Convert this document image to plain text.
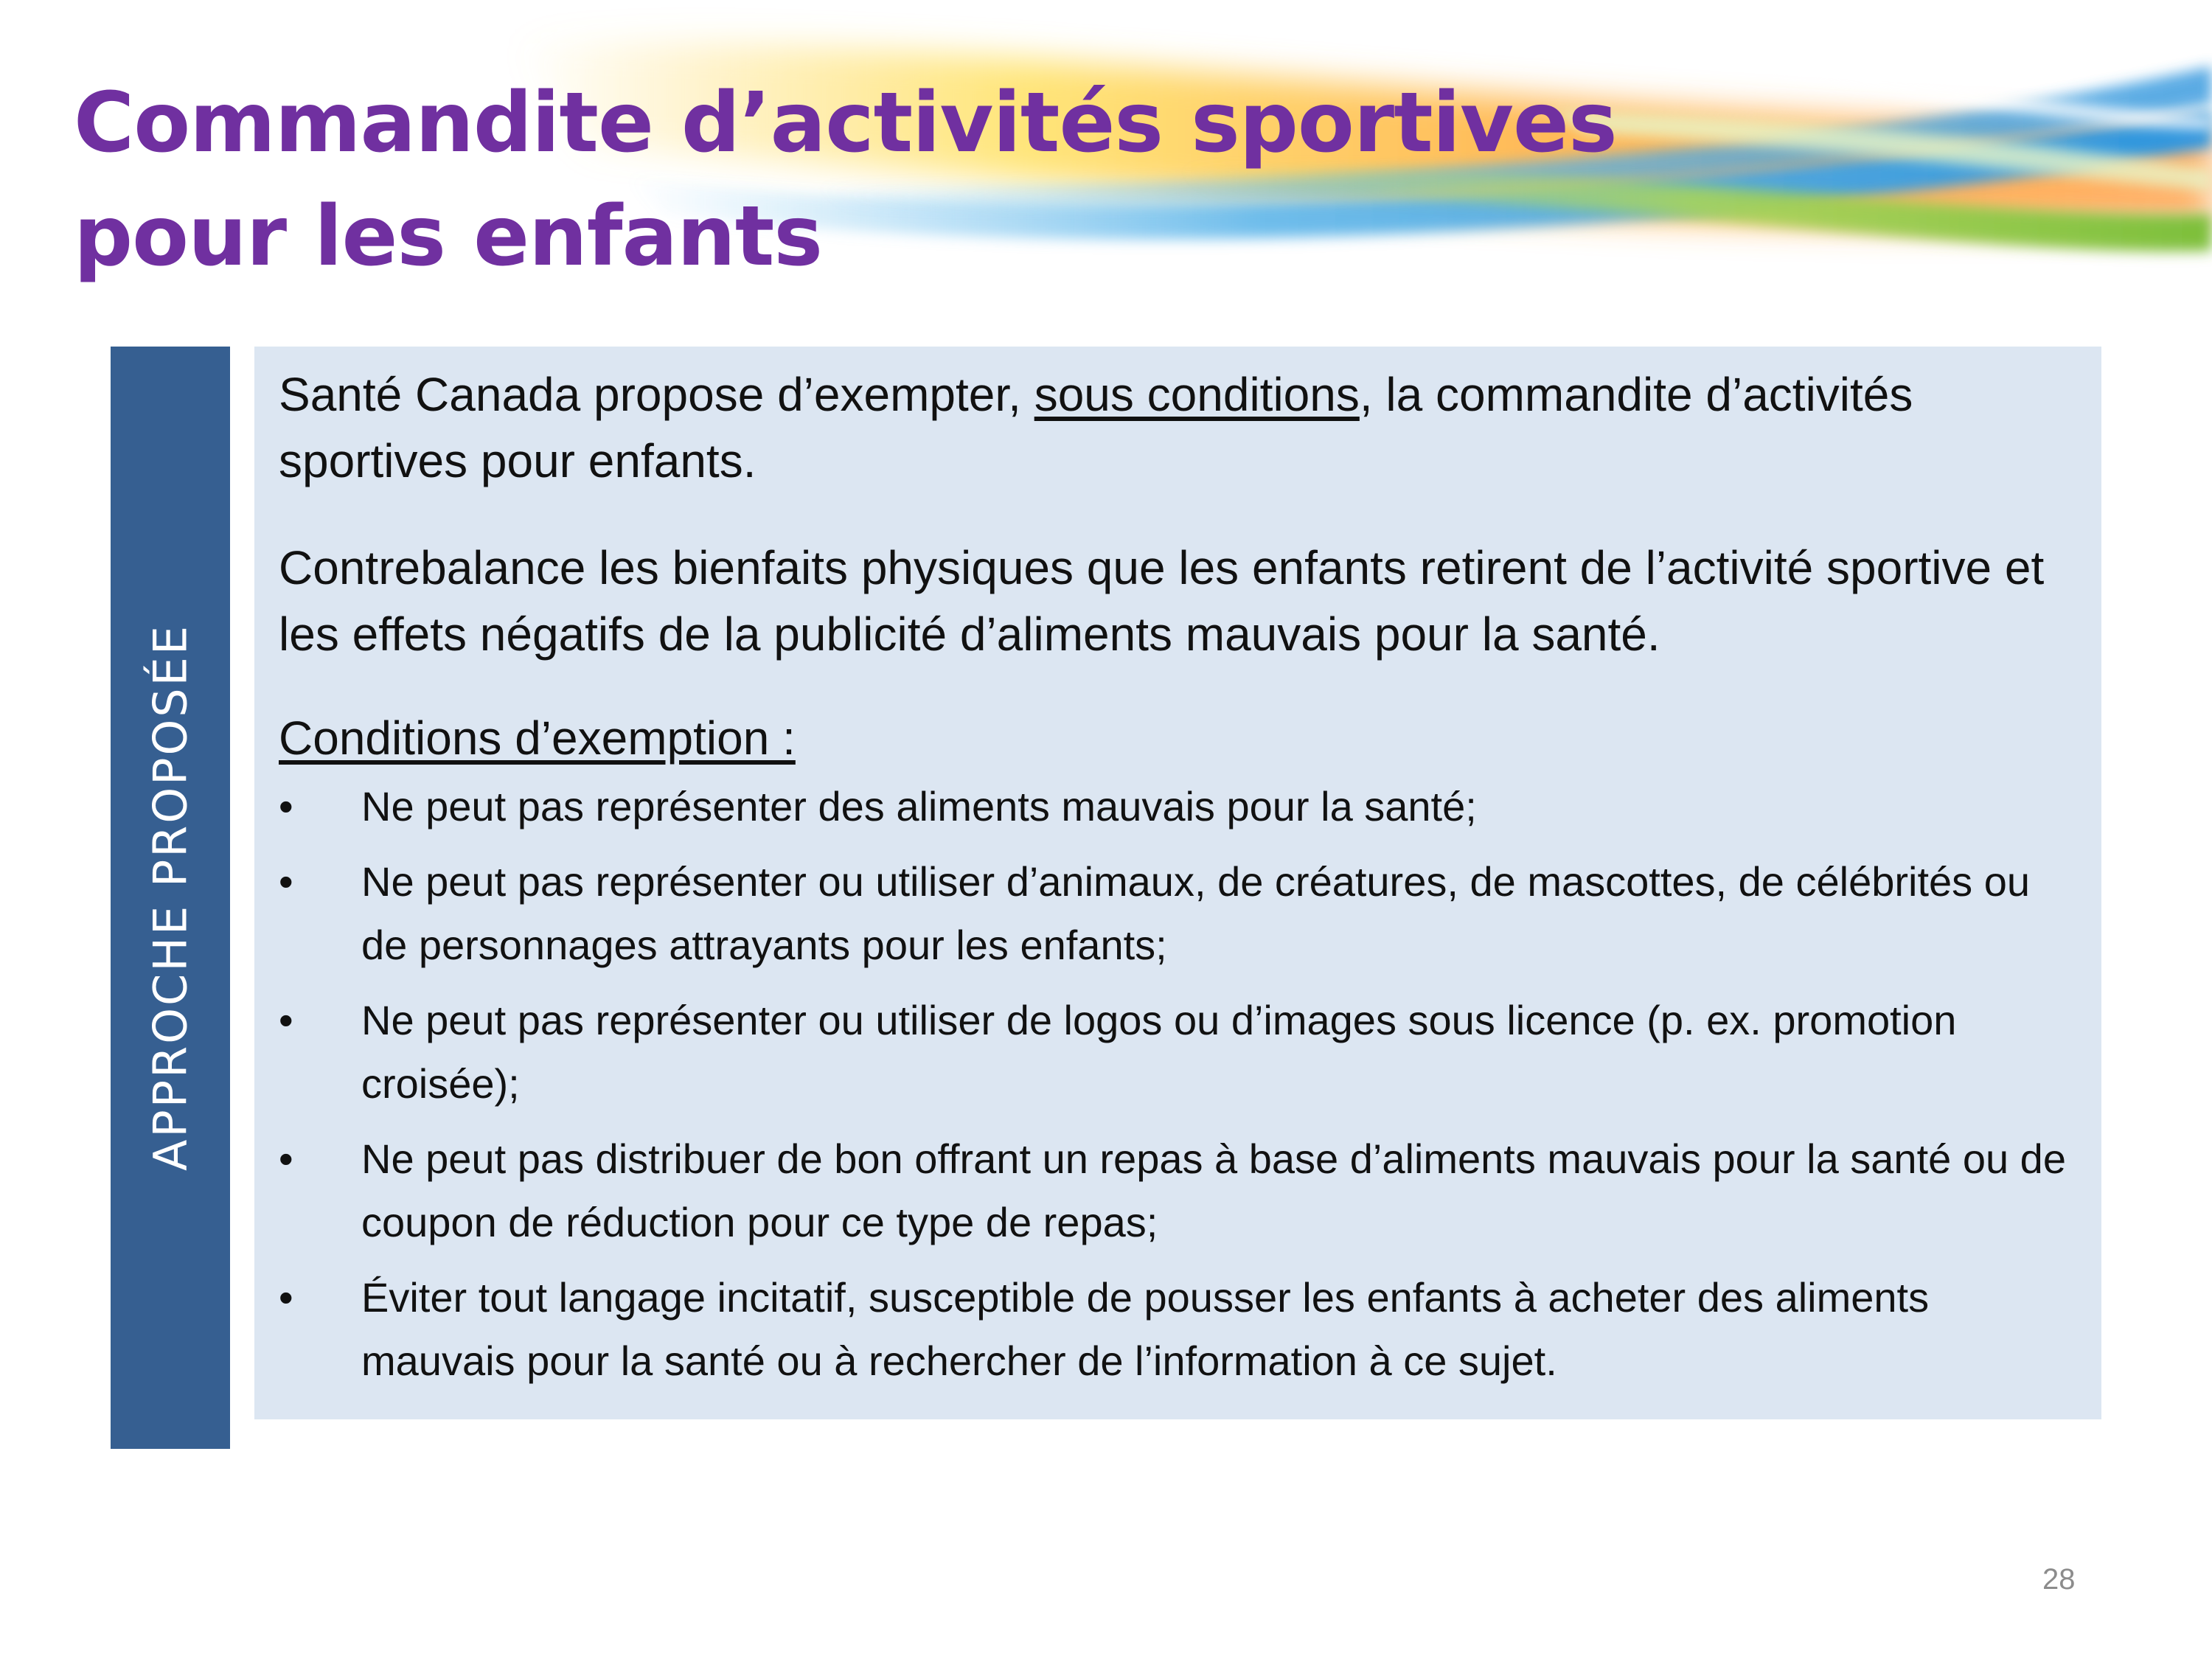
Commandite d’activités sportives pour les enfants
APPROCHE PROPOSÉE

Santé Canada propose d’exempter, sous conditions, la commandite d’activités sportives pour enfants.

Contrebalance les bienfaits physiques que les enfants retirent de l’activité sportive et les effets négatifs de la publicité d’aliments mauvais pour la santé.

Conditions d’exemption :
•	Ne peut pas représenter des aliments mauvais pour la santé;
•	Ne peut pas représenter ou utiliser d’animaux, de créatures, de mascottes, de célébrités ou de personnages attrayants pour les enfants;
•	Ne peut pas représenter ou utiliser de logos ou d’images sous licence (p. ex. promotion croisée);
•	Ne peut pas distribuer de bon offrant un repas à base d’aliments mauvais pour la santé ou de coupon de réduction pour ce type de repas;
•	Éviter tout langage incitatif, susceptible de pousser les enfants à acheter des aliments mauvais pour la santé ou à rechercher de l’information à ce sujet.
28
